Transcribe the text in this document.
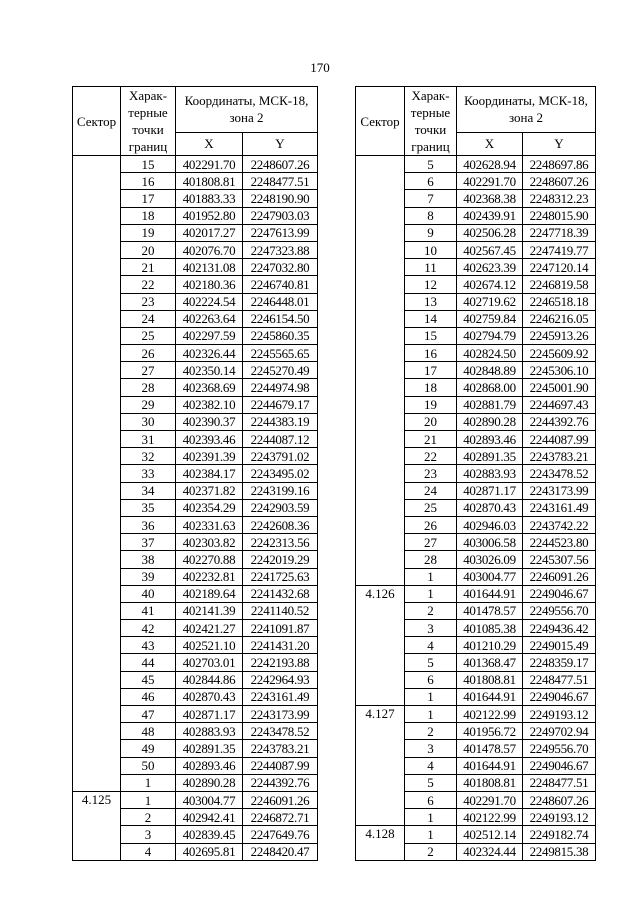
170
Сектор	Харак-терные точки границ	Координаты, МСК-18, зона 2	
		X	Y
	15	402291.70	2248607.26
	16	401808.81	2248477.51
	17	401883.33	2248190.90
	18	401952.80	2247903.03
	19	402017.27	2247613.99
	20	402076.70	2247323.88
	21	402131.08	2247032.80
	22	402180.36	2246740.81
	23	402224.54	2246448.01
	24	402263.64	2246154.50
	25	402297.59	2245860.35
	26	402326.44	2245565.65
	27	402350.14	2245270.49
	28	402368.69	2244974.98
	29	402382.10	2244679.17
	30	402390.37	2244383.19
	31	402393.46	2244087.12
	32	402391.39	2243791.02
	33	402384.17	2243495.02
	34	402371.82	2243199.16
	35	402354.29	2242903.59
	36	402331.63	2242608.36
	37	402303.82	2242313.56
	38	402270.88	2242019.29
	39	402232.81	2241725.63
	40	402189.64	2241432.68
	41	402141.39	2241140.52
	42	402421.27	2241091.87
	43	402521.10	2241431.20
	44	402703.01	2242193.88
	45	402844.86	2242964.93
	46	402870.43	2243161.49
	47	402871.17	2243173.99
	48	402883.93	2243478.52
	49	402891.35	2243783.21
	50	402893.46	2244087.99
	1	402890.28	2244392.76
4.125	1	403004.77	2246091.26
	2	402942.41	2246872.71
	3	402839.45	2247649.76
	4	402695.81	2248420.47
Сектор	Харак-терные точки границ	Координаты, МСК-18, зона 2	
		X	Y
	5	402628.94	2248697.86
	6	402291.70	2248607.26
	7	402368.38	2248312.23
	8	402439.91	2248015.90
	9	402506.28	2247718.39
	10	402567.45	2247419.77
	11	402623.39	2247120.14
	12	402674.12	2246819.58
	13	402719.62	2246518.18
	14	402759.84	2246216.05
	15	402794.79	2245913.26
	16	402824.50	2245609.92
	17	402848.89	2245306.10
	18	402868.00	2245001.90
	19	402881.79	2244697.43
	20	402890.28	2244392.76
	21	402893.46	2244087.99
	22	402891.35	2243783.21
	23	402883.93	2243478.52
	24	402871.17	2243173.99
	25	402870.43	2243161.49
	26	402946.03	2243742.22
	27	403006.58	2244523.80
	28	403026.09	2245307.56
	1	403004.77	2246091.26
4.126	1	401644.91	2249046.67
	2	401478.57	2249556.70
	3	401085.38	2249436.42
	4	401210.29	2249015.49
	5	401368.47	2248359.17
	6	401808.81	2248477.51
	1	401644.91	2249046.67
4.127	1	402122.99	2249193.12
	2	401956.72	2249702.94
	3	401478.57	2249556.70
	4	401644.91	2249046.67
	5	401808.81	2248477.51
	6	402291.70	2248607.26
	1	402122.99	2249193.12
4.128	1	402512.14	2249182.74
	2	402324.44	2249815.38
